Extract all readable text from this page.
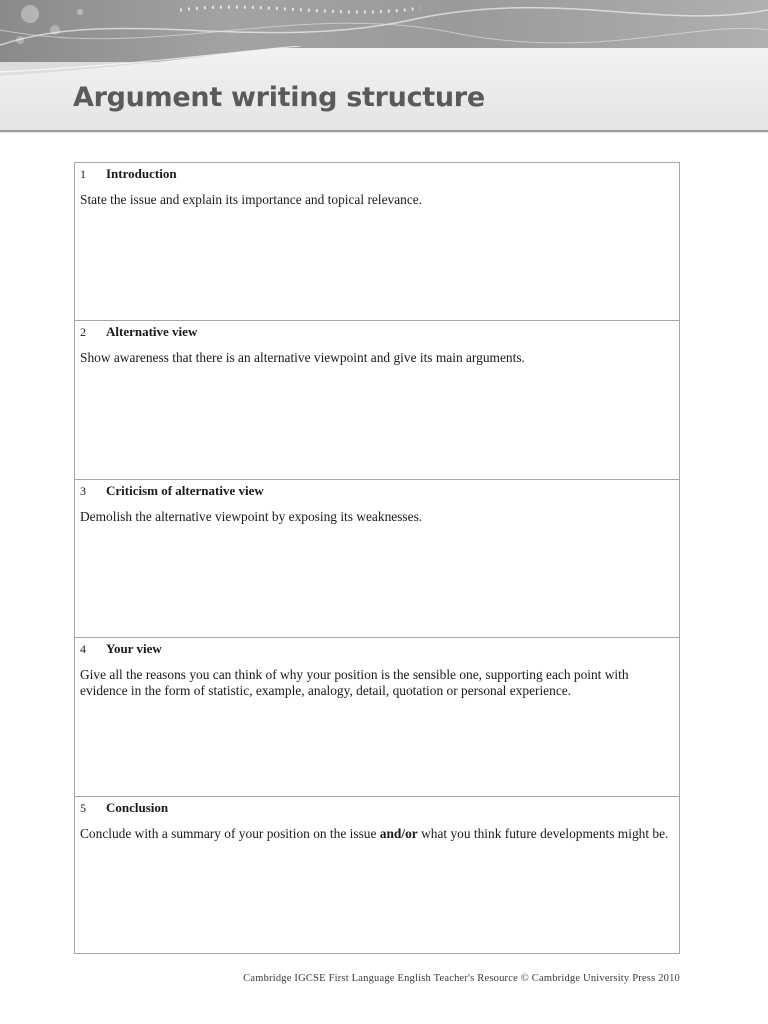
Argument writing structure
1	Introduction
State the issue and explain its importance and topical relevance.
2	Alternative view
Show awareness that there is an alternative viewpoint and give its main arguments.
3	Criticism of alternative view
Demolish the alternative viewpoint by exposing its weaknesses.
4	Your view
Give all the reasons you can think of why your position is the sensible one, supporting each point with evidence in the form of statistic, example, analogy, detail, quotation or personal experience.
5	Conclusion
Conclude with a summary of your position on the issue and/or what you think future developments might be.
Cambridge IGCSE First Language English Teacher's Resource © Cambridge University Press 2010
